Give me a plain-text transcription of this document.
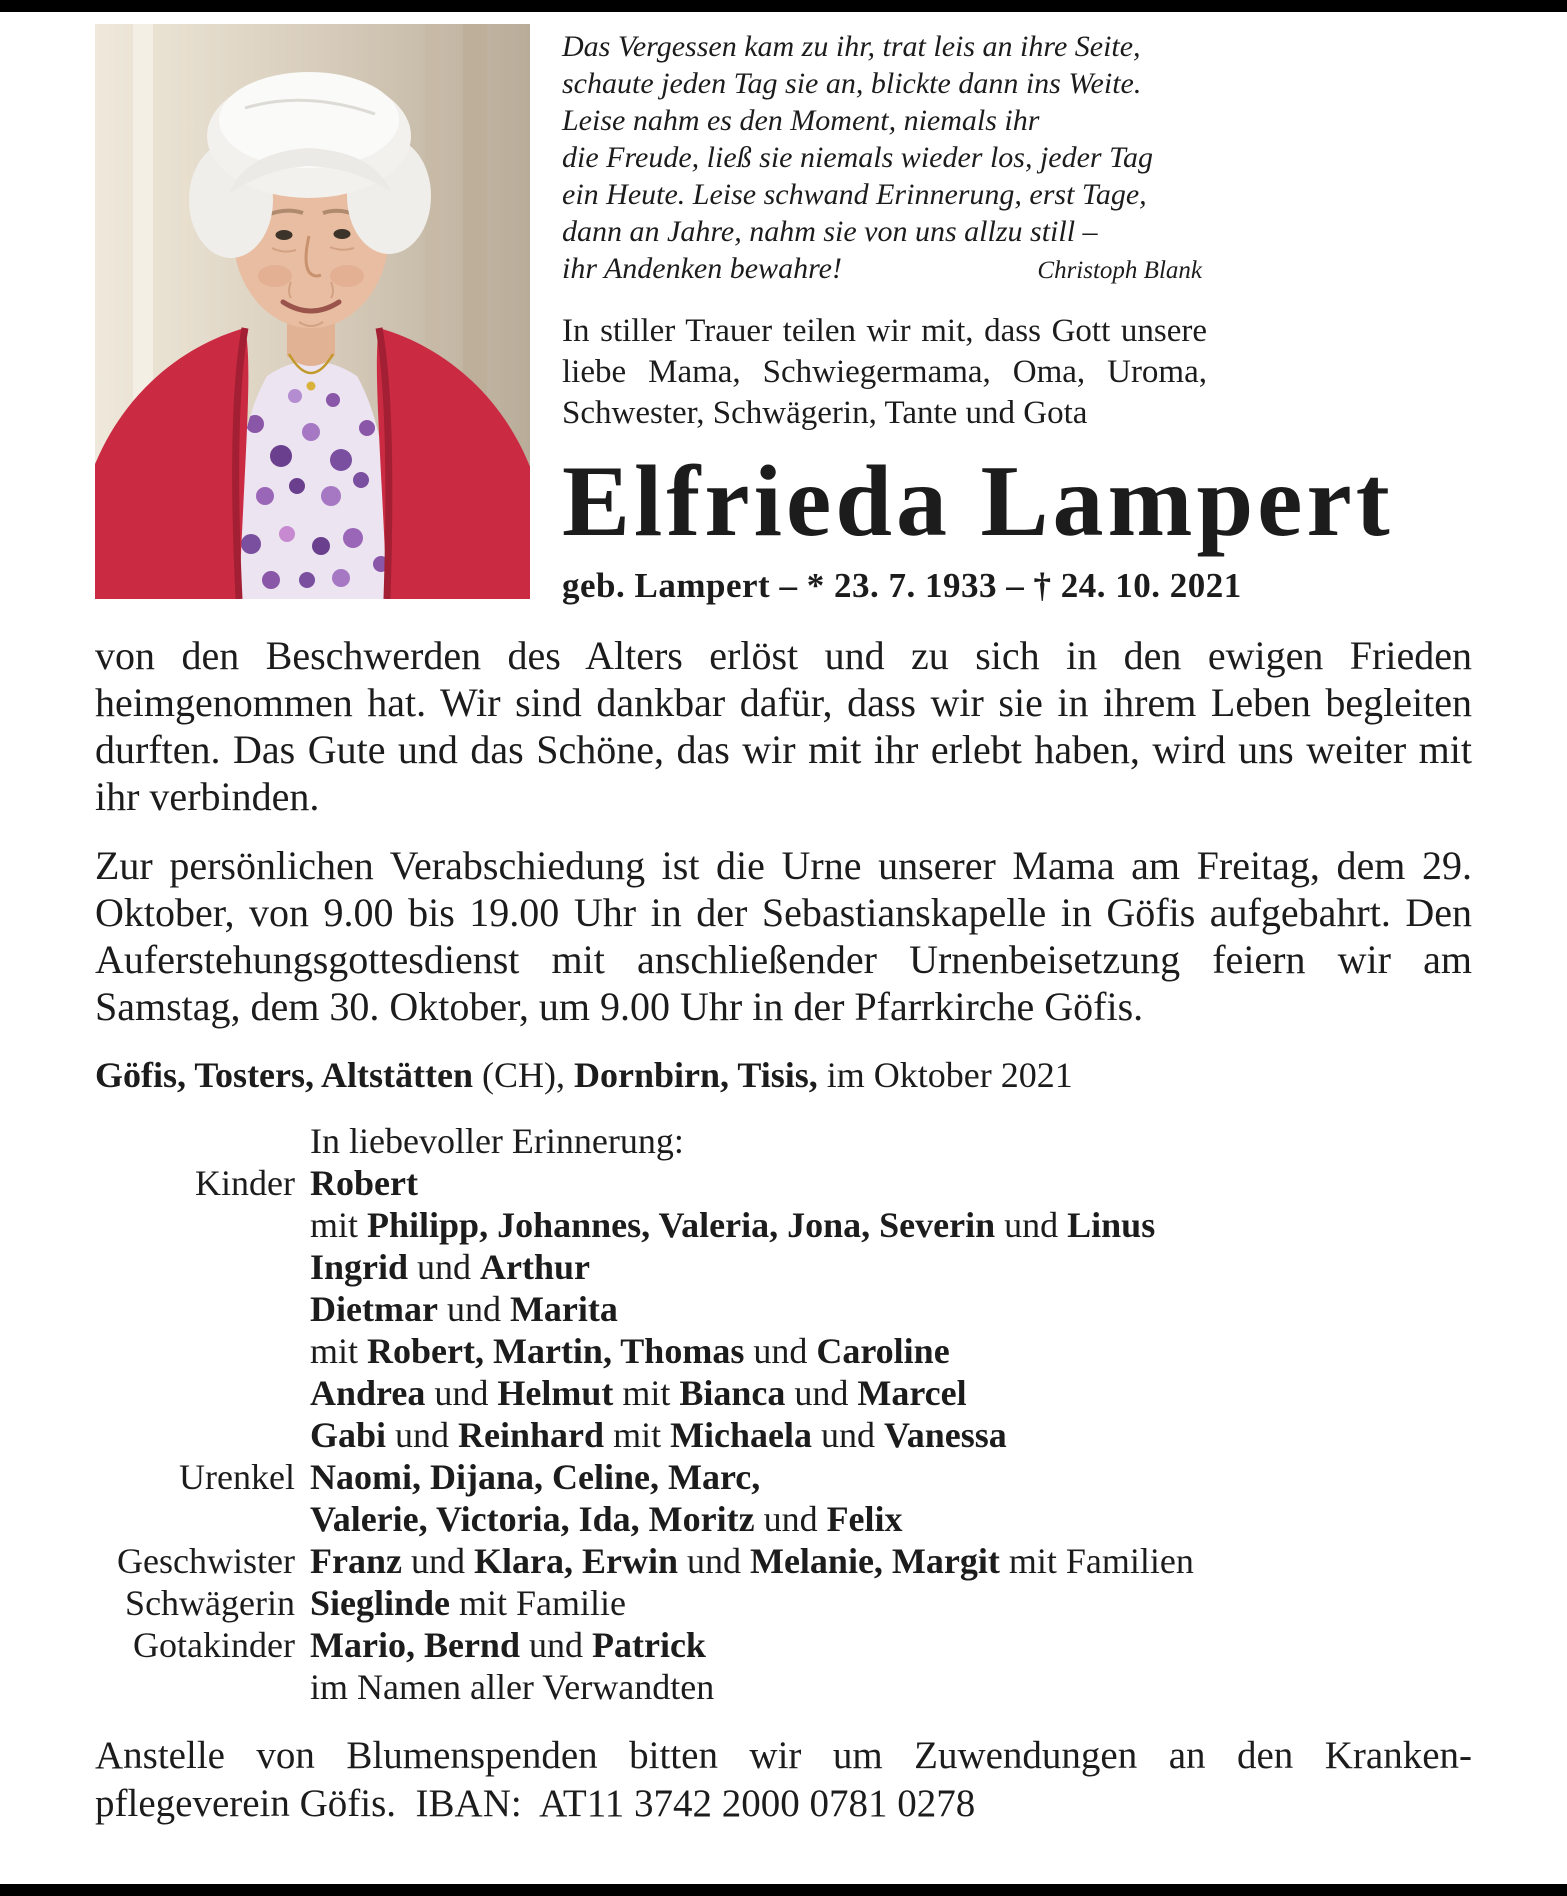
Das Vergessen kam zu ihr, trat leis an ihre Seite,
schaute jeden Tag sie an, blickte dann ins Weite.
Leise nahm es den Moment, niemals ihr
die Freude, ließ sie niemals wieder los, jeder Tag
ein Heute. Leise schwand Erinnerung, erst Tage,
dann an Jahre, nahm sie von uns allzu still –
ihr Andenken bewahre!	Christoph Blank

In stiller Trauer teilen wir mit, dass Gott unsere liebe Mama, Schwiegermama, Oma, Uroma, Schwester, Schwägerin, Tante und Gota

Elfrieda Lampert
geb. Lampert – * 23. 7. 1933 – † 24. 10. 2021

von den Beschwerden des Alters erlöst und zu sich in den ewigen Frieden heimgenommen hat. Wir sind dankbar dafür, dass wir sie in ihrem Leben begleiten durften. Das Gute und das Schöne, das wir mit ihr erlebt haben, wird uns weiter mit ihr verbinden.

Zur persönlichen Verabschiedung ist die Urne unserer Mama am Freitag, dem 29. Oktober, von 9.00 bis 19.00 Uhr in der Sebastianskapelle in Göfis aufgebahrt. Den Auferstehungsgottesdienst mit anschließender Urnenbeisetzung feiern wir am Samstag, dem 30. Oktober, um 9.00 Uhr in der Pfarrkirche Göfis.

Göfis, Tosters, Altstätten (CH), Dornbirn, Tisis, im Oktober 2021

In liebevoller Erinnerung:
Kinder Robert
mit Philipp, Johannes, Valeria, Jona, Severin und Linus
Ingrid und Arthur
Dietmar und Marita
mit Robert, Martin, Thomas und Caroline
Andrea und Helmut mit Bianca und Marcel
Gabi und Reinhard mit Michaela und Vanessa
Urenkel Naomi, Dijana, Celine, Marc,
Valerie, Victoria, Ida, Moritz und Felix
Geschwister Franz und Klara, Erwin und Melanie, Margit mit Familien
Schwägerin Sieglinde mit Familie
Gotakinder Mario, Bernd und Patrick
im Namen aller Verwandten
Anstelle von Blumenspenden bitten wir um Zuwendungen an den Kranken-
pflegeverein Göfis.  IBAN:  AT11 3742 2000 0781 0278
